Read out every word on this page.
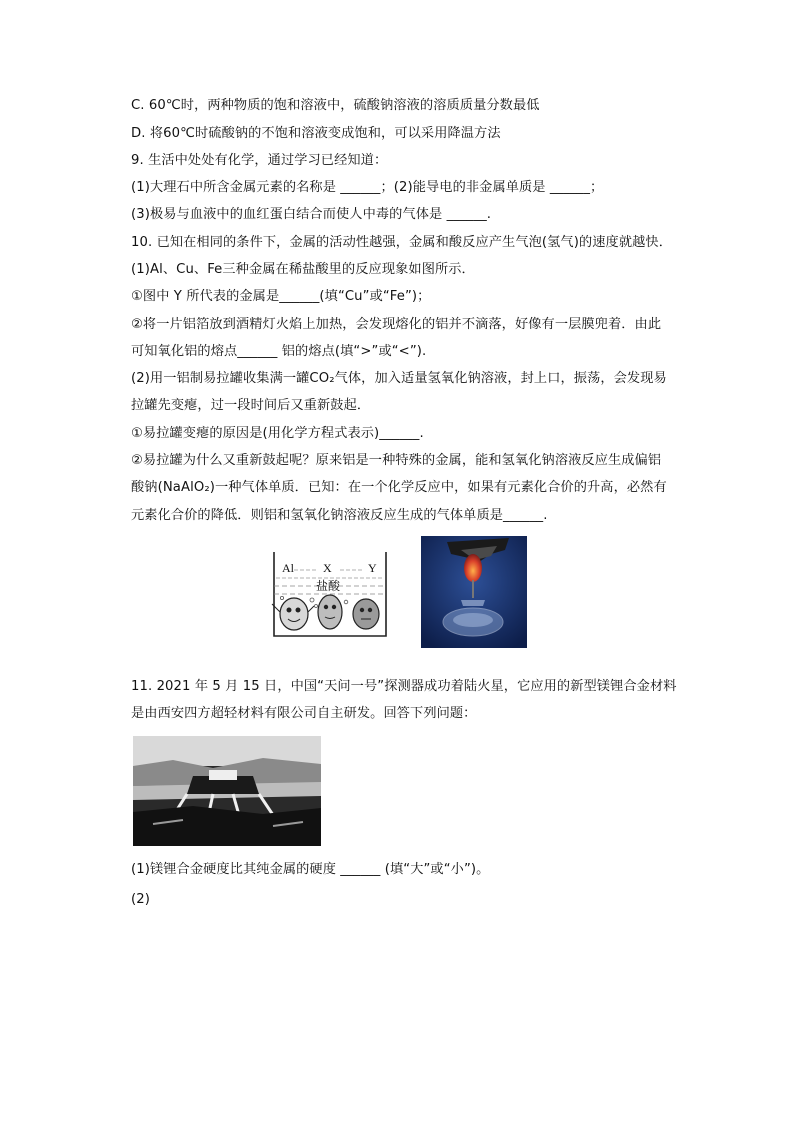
C. 60℃时，两种物质的饱和溶液中，硫酸钠溶液的溶质质量分数最低
D. 将60℃时硫酸钠的不饱和溶液变成饱和，可以采用降温方法
9. 生活中处处有化学，通过学习已经知道：
(1)大理石中所含金属元素的名称是 ______；(2)能导电的非金属单质是 ______；
(3)极易与血液中的血红蛋白结合而使人中毒的气体是 ______.
10. 已知在相同的条件下，金属的活动性越强，金属和酸反应产生气泡(氢气)的速度就越快．
(1)Al、Cu、Fe三种金属在稀盐酸里的反应现象如图所示．
①图中 Y 所代表的金属是______(填“Cu”或“Fe”)；
②将一片铝箔放到酒精灯火焰上加热，会发现熔化的铝并不滴落，好像有一层膜兜着．由此
可知氧化铝的熔点______ 铝的熔点(填“>”或“<”).
(2)用一铝制易拉罐收集满一罐CO₂气体，加入适量氢氧化钠溶液，封上口，振荡，会发现易
拉罐先变瘪，过一段时间后又重新鼓起．
①易拉罐变瘪的原因是(用化学方程式表示)______.
②易拉罐为什么又重新鼓起呢？原来铝是一种特殊的金属，能和氢氧化钠溶液反应生成偏铝
酸钠(NaAlO₂)一种气体单质．已知：在一个化学反应中，如果有元素化合价的升高，必然有
元素化合价的降低．则铝和氢氧化钠溶液反应生成的气体单质是______.
Al X	Y
盐酸
11. 2021 年 5 月 15 日，中国“天问一号”探测器成功着陆火星，它应用的新型镁锂合金材料
是由西安四方超轻材料有限公司自主研发。回答下列问题：
(1)镁锂合金硬度比其纯金属的硬度 ______ (填“大”或“小”)。
(2)
